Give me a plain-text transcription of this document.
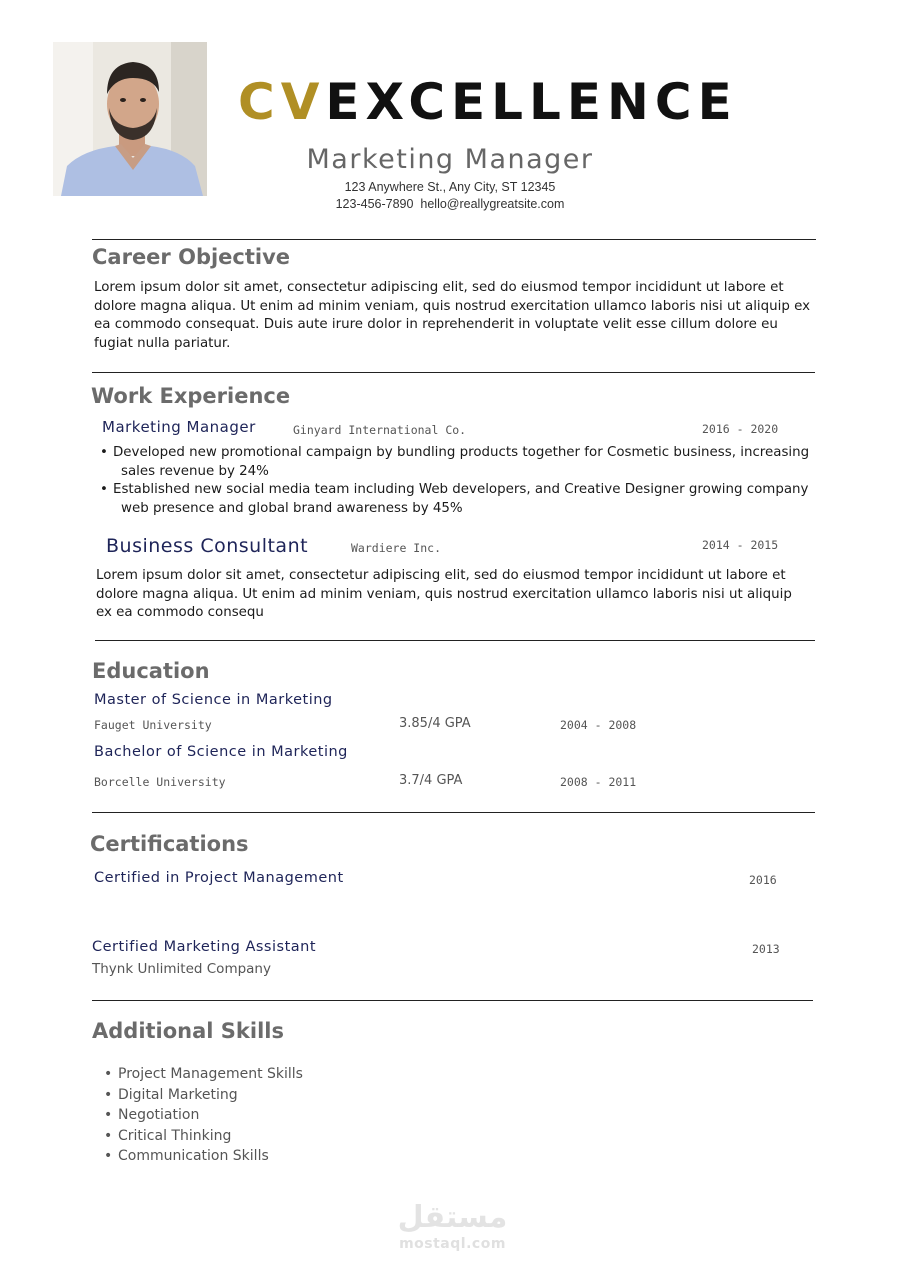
CVEXCELLENCE
Marketing Manager
123 Anywhere St., Any City, ST 12345
123-456-7890  hello@reallygreatsite.com
Career Objective
Lorem ipsum dolor sit amet, consectetur adipiscing elit, sed do eiusmod tempor incididunt ut labore et dolore magna aliqua. Ut enim ad minim veniam, quis nostrud exercitation ullamco laboris nisi ut aliquip ex ea commodo consequat. Duis aute irure dolor in reprehenderit in voluptate velit esse cillum dolore eu fugiat nulla pariatur.
Work Experience
Marketing Manager	Ginyard International Co.	2016 - 2020
• Developed new promotional campaign by bundling products together for Cosmetic business, increasing
sales revenue by 24%
• Established new social media team including Web developers, and Creative Designer growing company
web presence and global brand awareness by 45%
Business Consultant	Wardiere Inc.	2014 - 2015
Lorem ipsum dolor sit amet, consectetur adipiscing elit, sed do eiusmod tempor incididunt ut labore et dolore magna aliqua. Ut enim ad minim veniam, quis nostrud exercitation ullamco laboris nisi ut aliquip ex ea commodo consequ
Education
Master of Science in Marketing
Fauget University	3.85/4 GPA	2004 - 2008
Bachelor of Science in Marketing
Borcelle University	3.7/4 GPA	2008 - 2011
Certifications
Certified in Project Management	2016
Certified Marketing Assistant	2013
Thynk Unlimited Company
Additional Skills
• Project Management Skills
• Digital Marketing
• Negotiation
• Critical Thinking
• Communication Skills
مستقل
mostaql.com
